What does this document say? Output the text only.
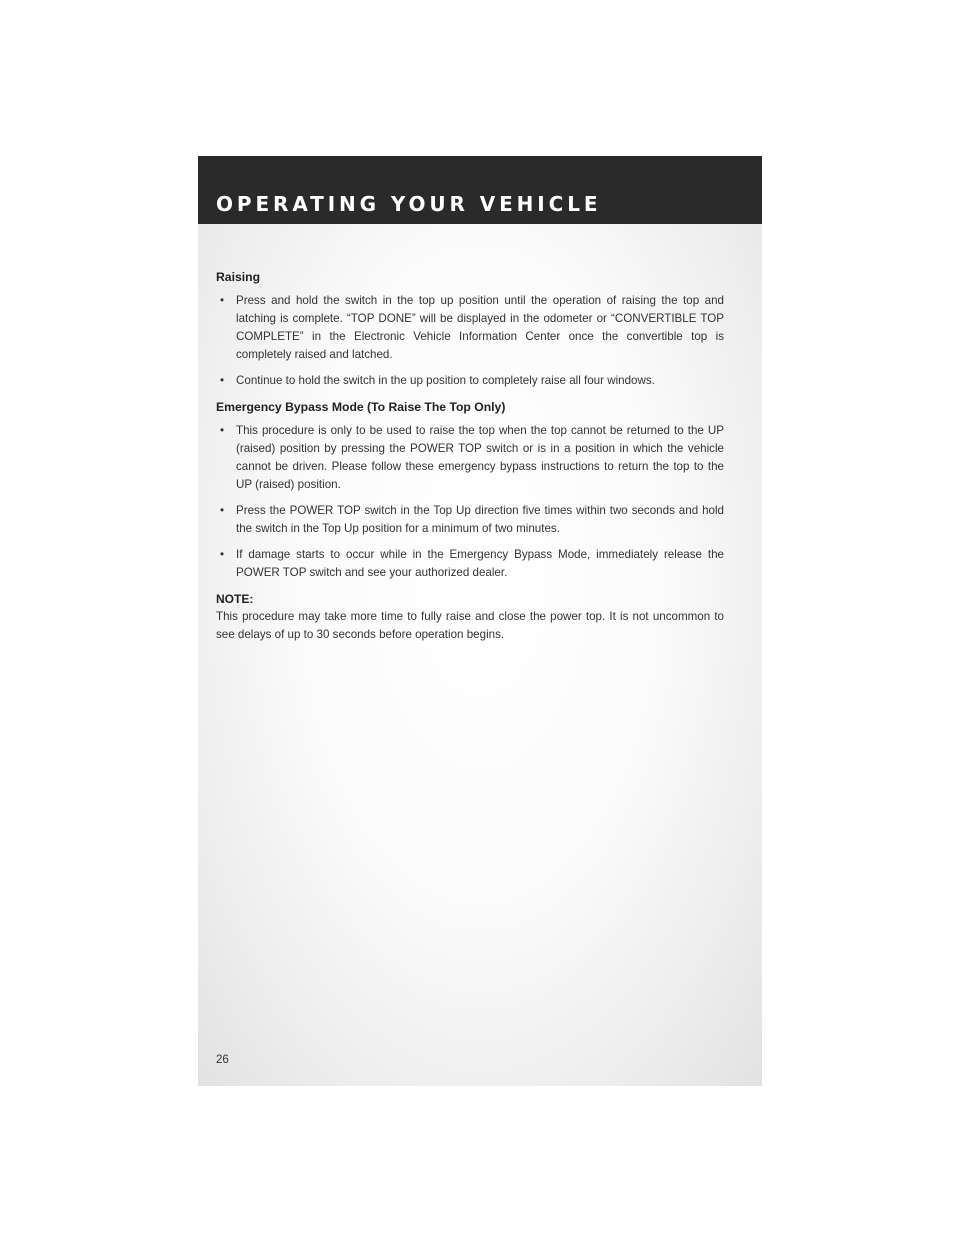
OPERATING YOUR VEHICLE

Raising

• Press and hold the switch in the top up position until the operation of raising the top and latching is complete. “TOP DONE” will be displayed in the odometer or “CONVERTIBLE TOP COMPLETE” in the Electronic Vehicle Information Center once the convertible top is completely raised and latched.

• Continue to hold the switch in the up position to completely raise all four windows.

Emergency Bypass Mode (To Raise The Top Only)

• This procedure is only to be used to raise the top when the top cannot be returned to the UP (raised) position by pressing the POWER TOP switch or is in a position in which the vehicle cannot be driven. Please follow these emergency bypass instructions to return the top to the UP (raised) position.

• Press the POWER TOP switch in the Top Up direction five times within two seconds and hold the switch in the Top Up position for a minimum of two minutes.

• If damage starts to occur while in the Emergency Bypass Mode, immediately release the POWER TOP switch and see your authorized dealer.

NOTE:

This procedure may take more time to fully raise and close the power top. It is not uncommon to see delays of up to 30 seconds before operation begins.

26
